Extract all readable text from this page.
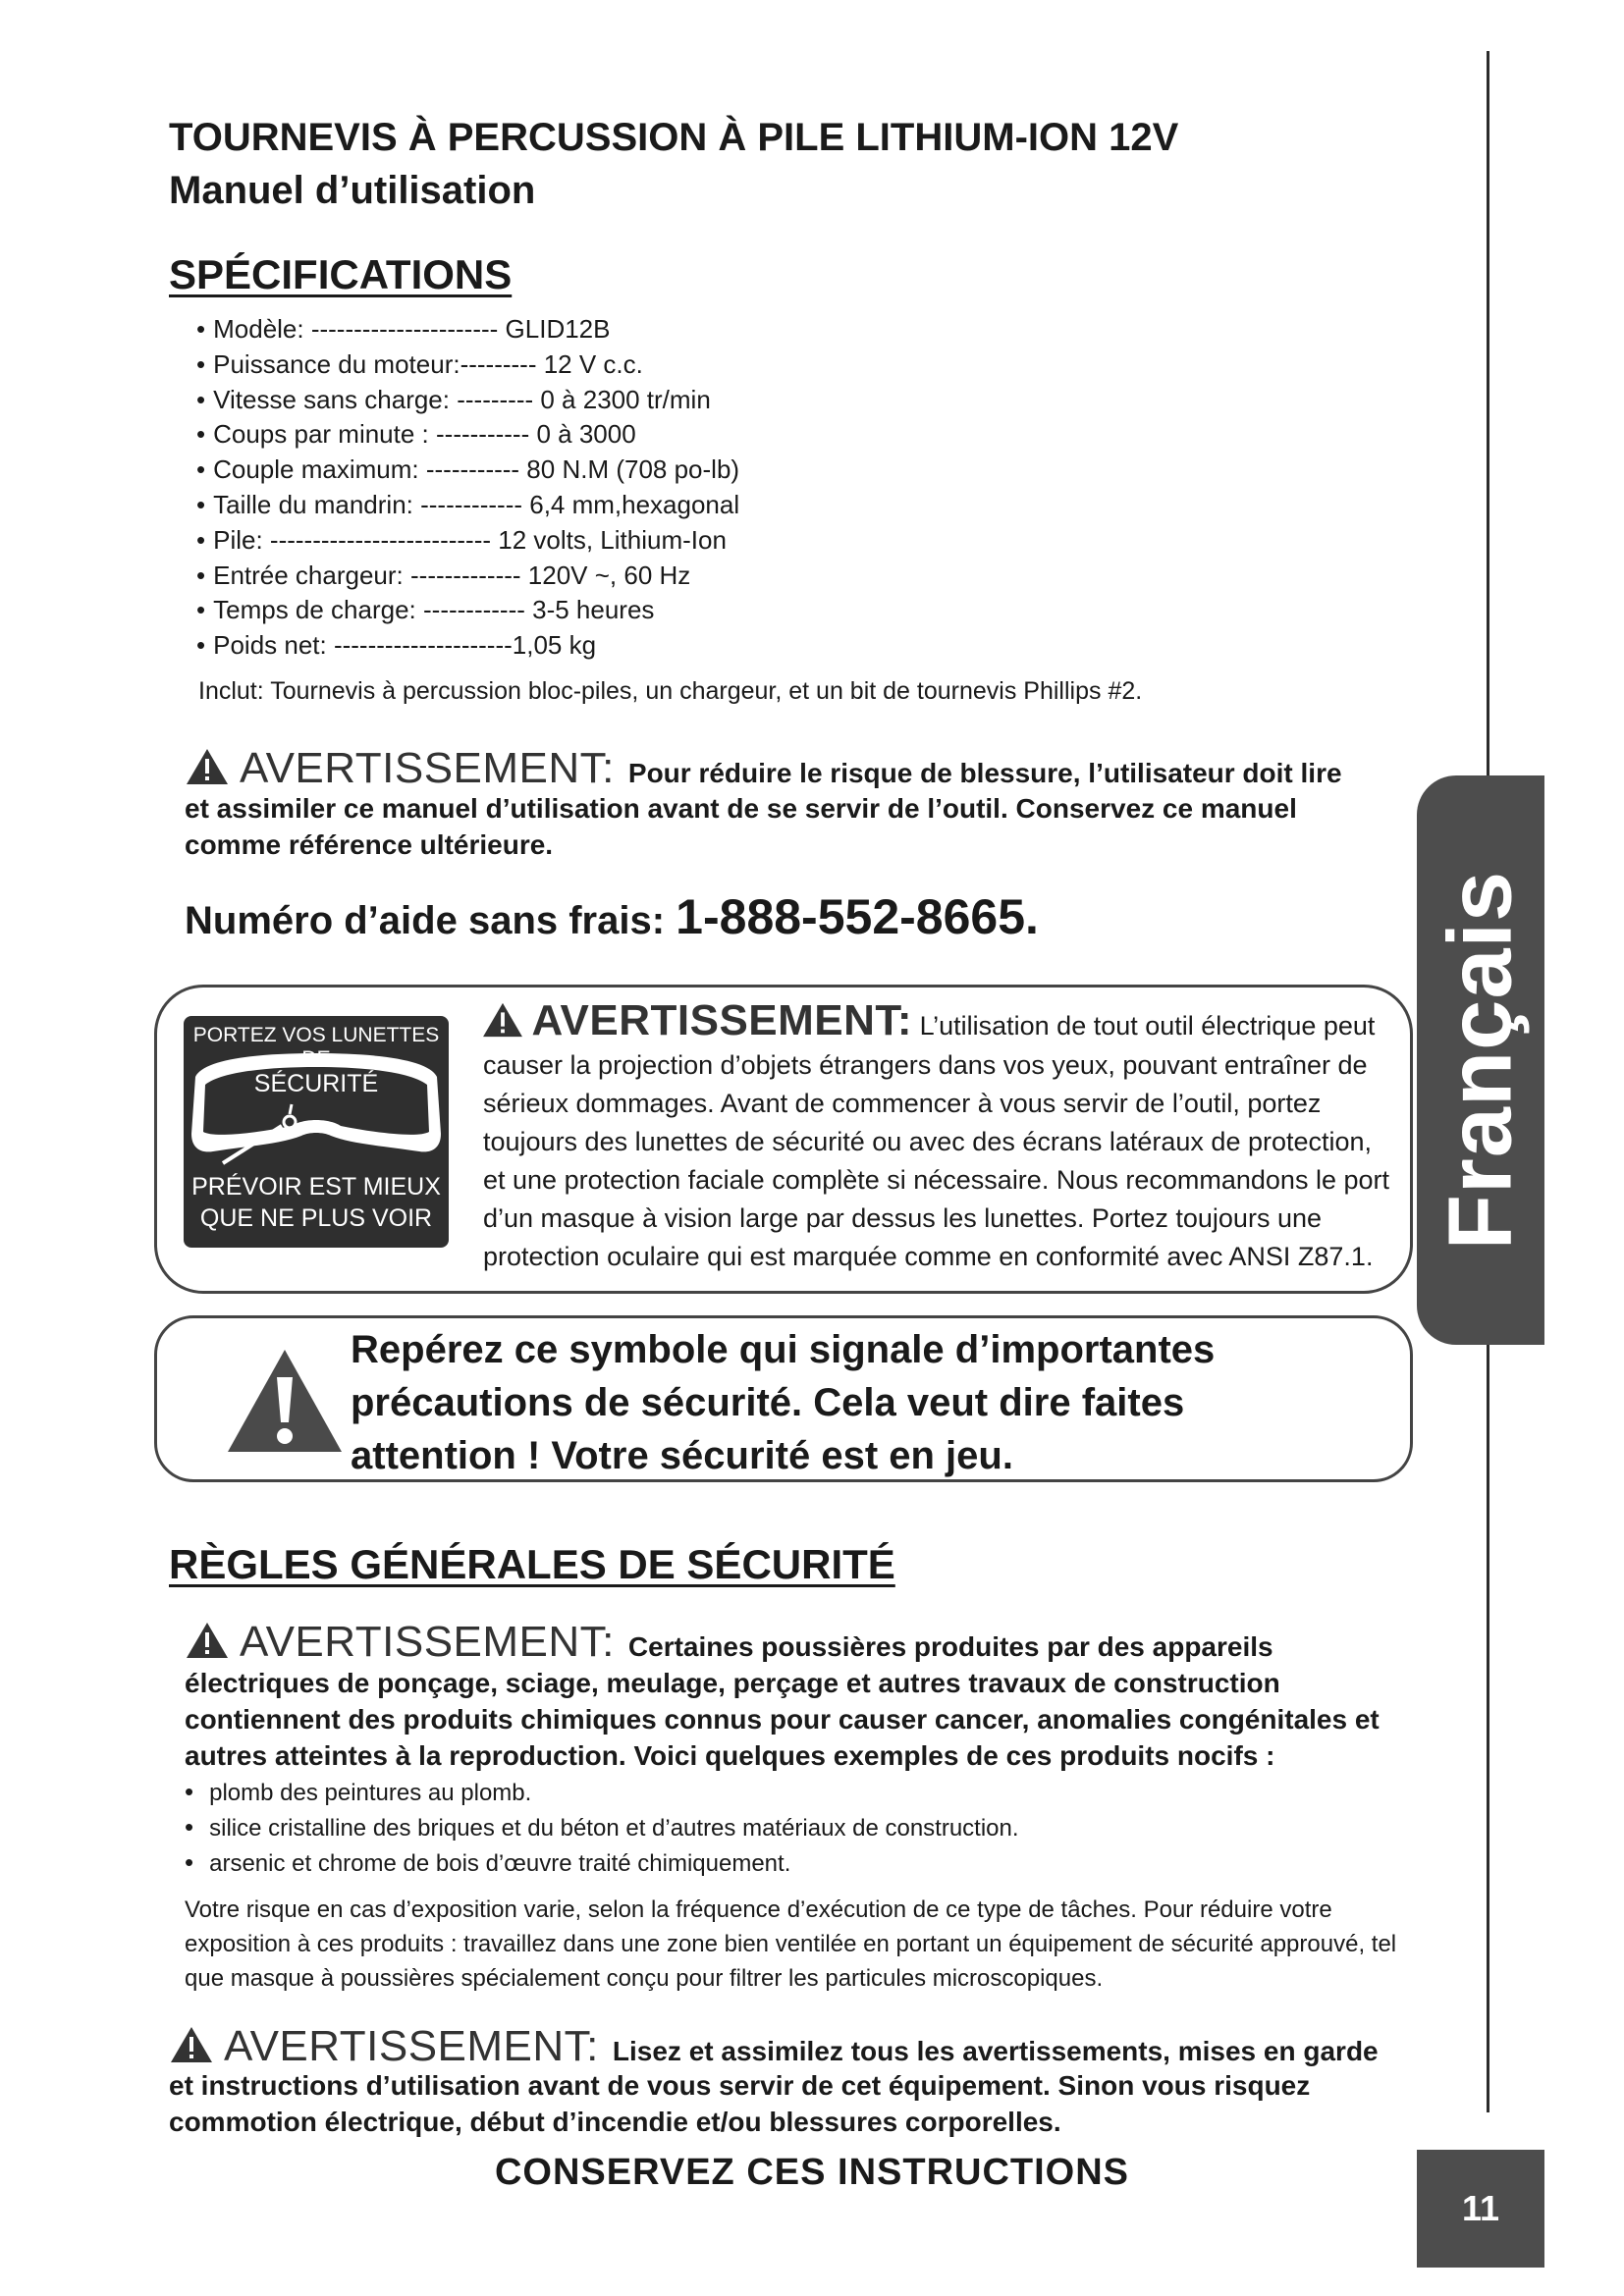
Français
11
TOURNEVIS À PERCUSSION À PILE LITHIUM-ION 12V
Manuel d’utilisation
SPÉCIFICATIONS
• Modèle: ---------------------- GLID12B
• Puissance du moteur:--------- 12 V c.c.
• Vitesse sans charge: --------- 0 à 2300 tr/min
• Coups par minute : ----------- 0 à 3000
• Couple maximum: ----------- 80 N.M (708 po-lb)
• Taille du mandrin: ------------ 6,4 mm,hexagonal
• Pile: -------------------------- 12 volts, Lithium-Ion
• Entrée chargeur: ------------- 120V ~, 60 Hz
• Temps de charge: ------------ 3-5 heures
• Poids net: ---------------------1,05 kg
Inclut: Tournevis à percussion bloc-piles, un chargeur, et un bit de tournevis Phillips #2.
AVERTISSEMENT: Pour réduire le risque de blessure, l’utilisateur doit lire
et assimiler ce manuel d’utilisation avant de se servir de l’outil. Conservez ce manuel comme référence ultérieure.
Numéro d’aide sans frais: 1-888-552-8665.
PORTEZ VOS LUNETTES DE
SÉCURITÉ
PRÉVOIR EST MIEUX QUE NE PLUS VOIR
AVERTISSEMENT: L’utilisation de tout outil électrique peut
causer la projection d’objets étrangers dans vos yeux, pouvant entraîner de sérieux dommages. Avant de commencer à vous servir de l’outil, portez toujours des lunettes de sécurité ou avec des écrans latéraux de protection, et une protection faciale complète si nécessaire. Nous recommandons le port d’un masque à vision large par dessus les lunettes. Portez toujours une protection oculaire qui est marquée comme en conformité avec ANSI Z87.1.
Repérez ce symbole qui signale d’importantes précautions de sécurité. Cela veut dire faites attention ! Votre sécurité est en jeu.
RÈGLES GÉNÉRALES DE SÉCURITÉ
AVERTISSEMENT: Certaines poussières produites par des appareils
électriques de ponçage, sciage, meulage, perçage et autres travaux de construction contiennent des produits chimiques connus pour causer cancer, anomalies congénitales et autres atteintes à la reproduction. Voici quelques exemples de ces produits nocifs :
• plomb des peintures au plomb.
• silice cristalline des briques et du béton et d’autres matériaux de construction.
• arsenic et chrome de bois d’œuvre traité chimiquement.
Votre risque en cas d’exposition varie, selon la fréquence d’exécution de ce type de tâches. Pour réduire votre exposition à ces produits : travaillez dans une zone bien ventilée en portant un équipement de sécurité approuvé, tel que masque à poussières spécialement conçu pour filtrer les particules microscopiques.
AVERTISSEMENT: Lisez et assimilez tous les avertissements, mises en garde
et instructions d’utilisation avant de vous servir de cet équipement. Sinon vous risquez commotion électrique, début d’incendie et/ou blessures corporelles.
CONSERVEZ CES INSTRUCTIONS
